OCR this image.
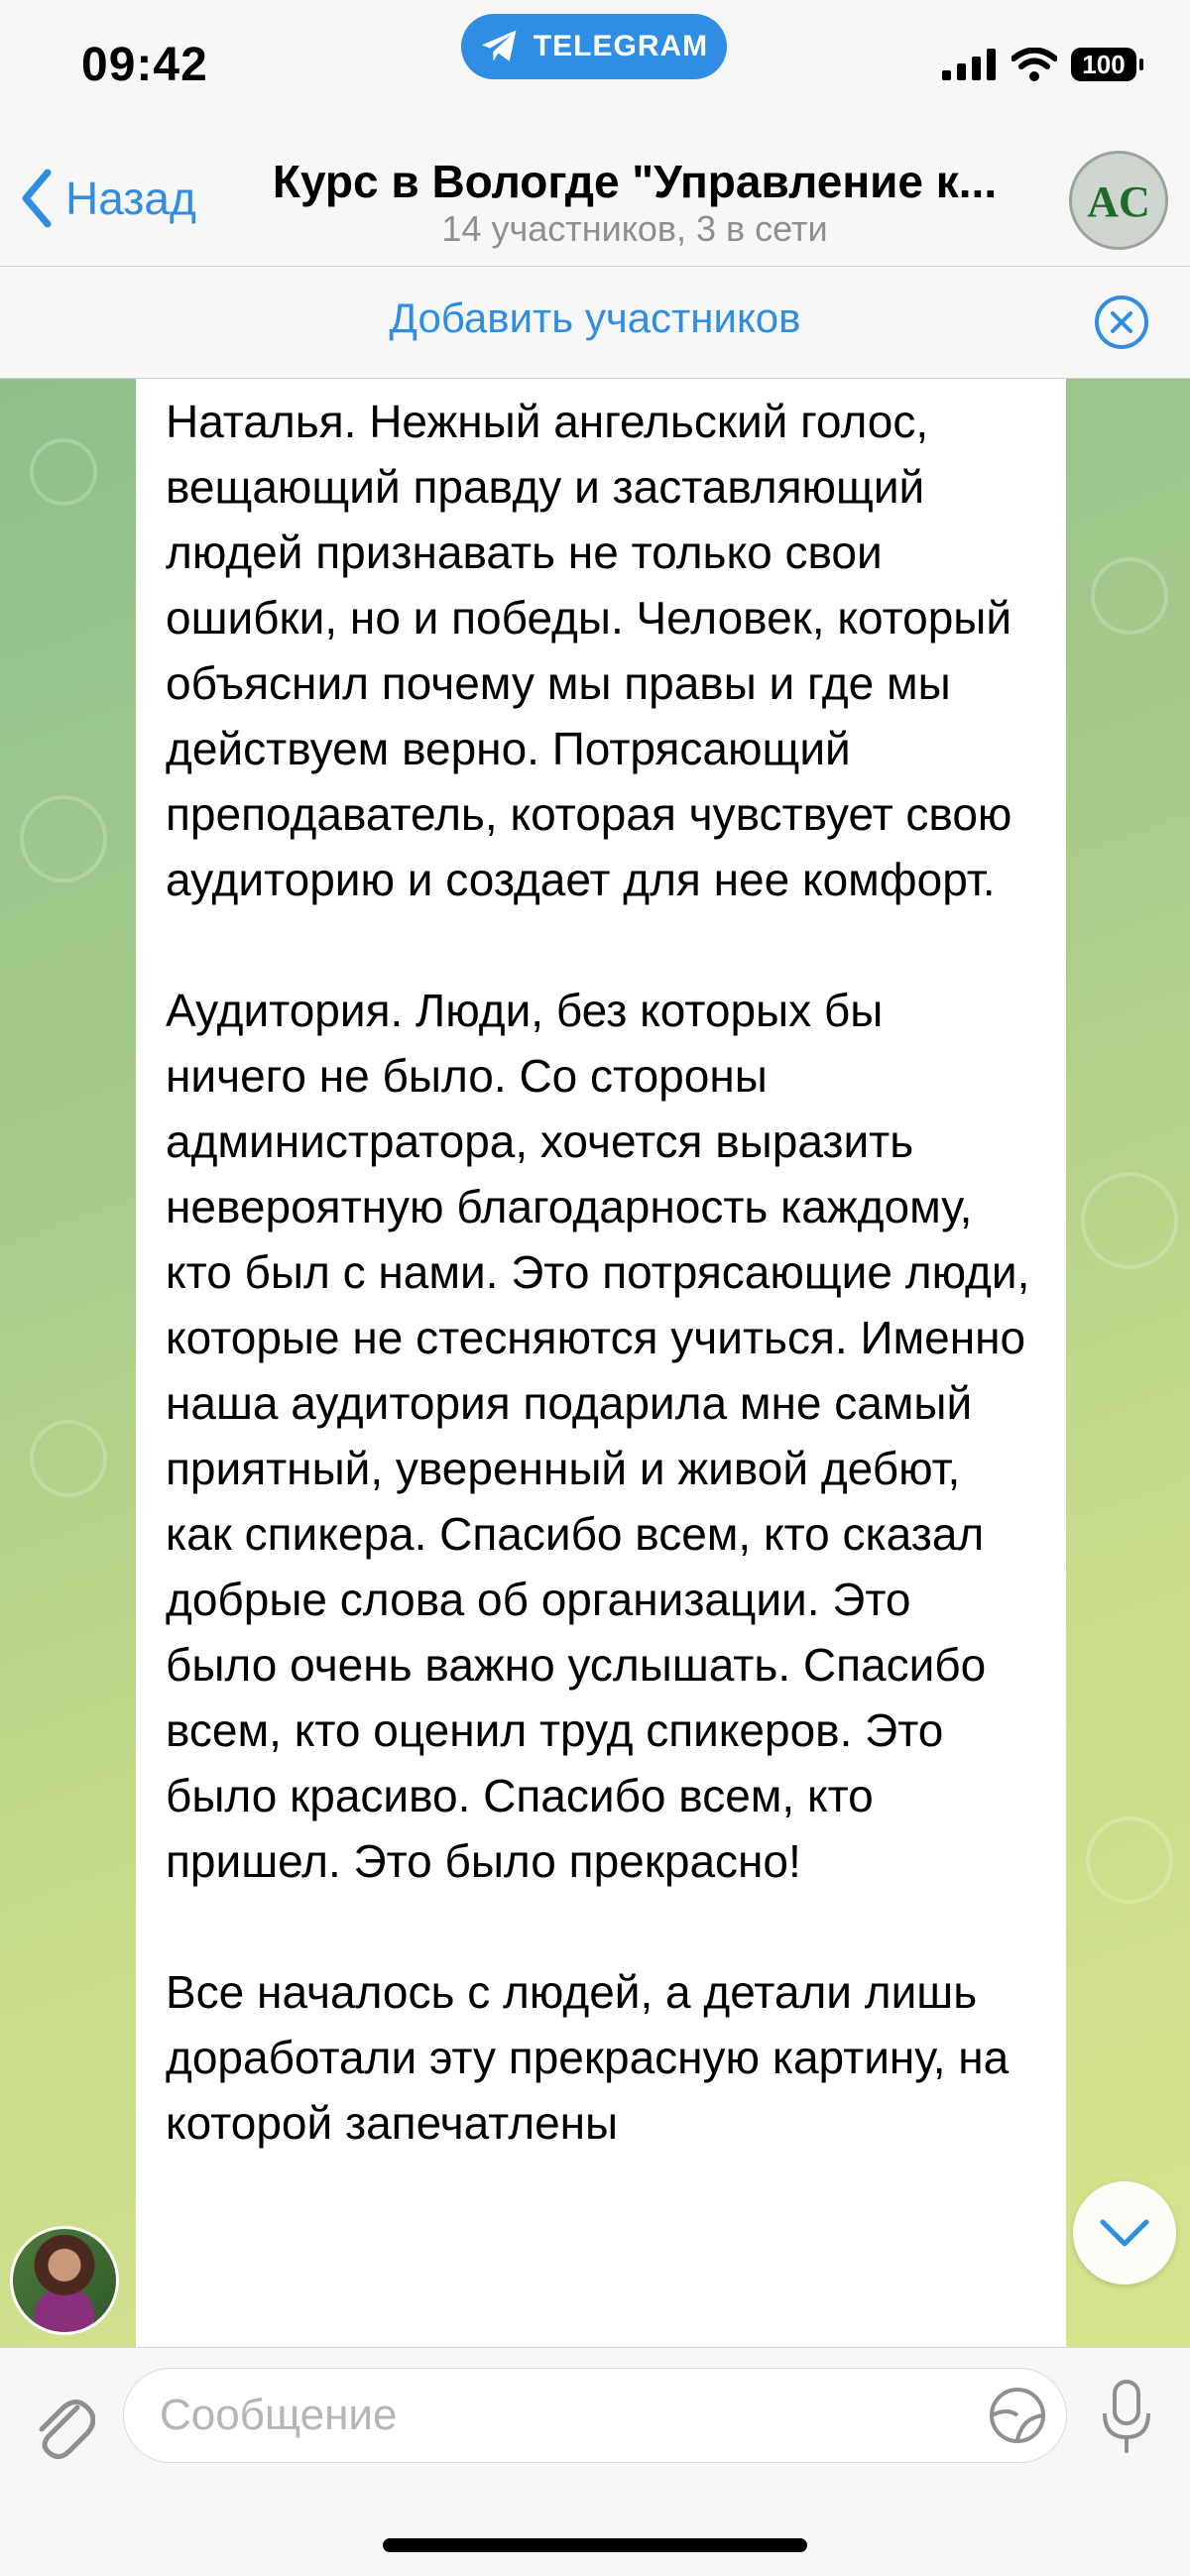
09:42	TELEGRAM
100
Назад	Курс в Вологде "Управление к...
14 участников, 3 в сети
AC
Добавить участников

Наталья. Нежный ангельский голос, вещающий правду и заставляющий людей признавать не только свои ошибки, но и победы. Человек, который объяснил почему мы правы и где мы действуем верно. Потрясающий преподаватель, которая чувствует свою аудиторию и создает для нее комфорт.

Аудитория. Люди, без которых бы ничего не было. Со стороны администратора, хочется выразить невероятную благодарность каждому, кто был с нами. Это потрясающие люди, которые не стесняются учиться. Именно наша аудитория подарила мне самый приятный, уверенный и живой дебют, как спикера. Спасибо всем, кто сказал добрые слова об организации. Это было очень важно услышать. Спасибо всем, кто оценил труд спикеров. Это было красиво. Спасибо всем, кто пришел. Это было прекрасно!

Все началось с людей, а детали лишь доработали эту прекрасную картину, на которой запечатлены

Сообщение
